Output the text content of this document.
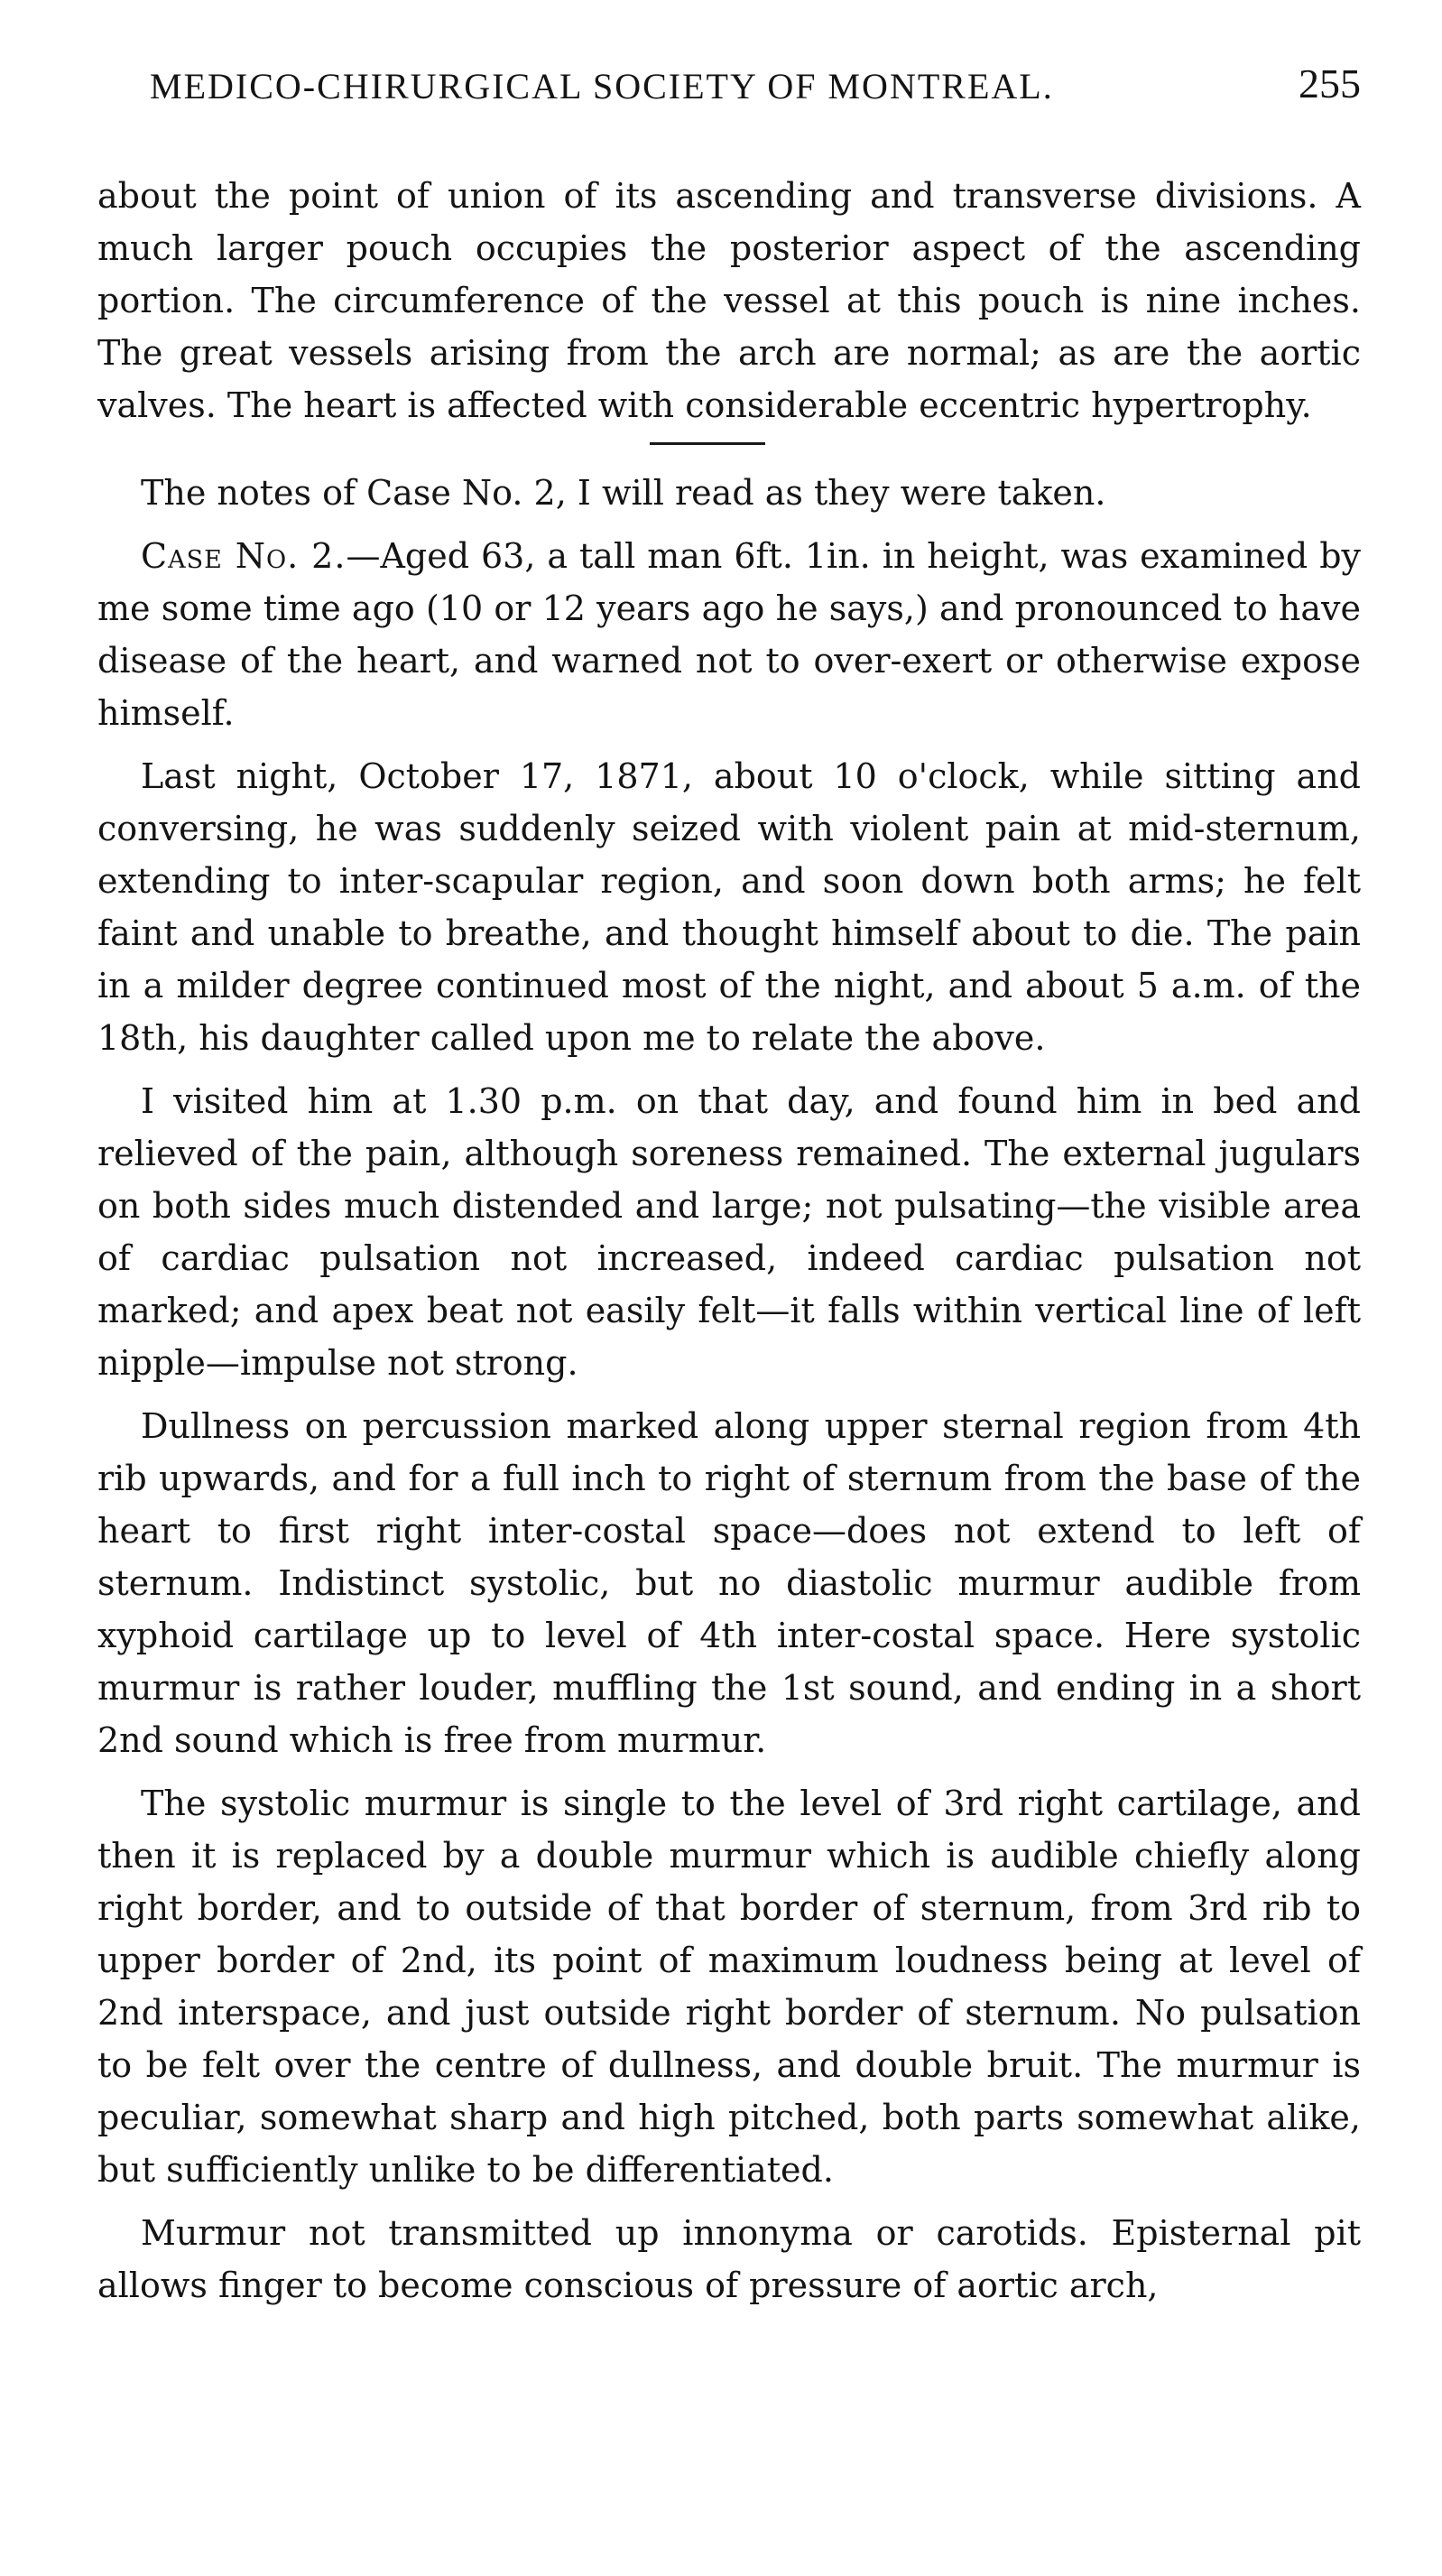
MEDICO-CHIRURGICAL SOCIETY OF MONTREAL.	255

about the point of union of its ascending and transverse divisions. A much larger pouch occupies the posterior aspect of the ascending portion. The circumference of the vessel at this pouch is nine inches. The great vessels arising from the arch are normal; as are the aortic valves. The heart is affected with considerable eccentric hypertrophy.

The notes of Case No. 2, I will read as they were taken.

Case No. 2.—Aged 63, a tall man 6ft. 1in. in height, was examined by me some time ago (10 or 12 years ago he says,) and pronounced to have disease of the heart, and warned not to over-exert or otherwise expose himself.

Last night, October 17, 1871, about 10 o'clock, while sitting and conversing, he was suddenly seized with violent pain at mid-sternum, extending to inter-scapular region, and soon down both arms; he felt faint and unable to breathe, and thought himself about to die. The pain in a milder degree continued most of the night, and about 5 a.m. of the 18th, his daughter called upon me to relate the above.

I visited him at 1.30 p.m. on that day, and found him in bed and relieved of the pain, although soreness remained. The external jugulars on both sides much distended and large; not pulsating—the visible area of cardiac pulsation not increased, indeed cardiac pulsation not marked; and apex beat not easily felt—it falls within vertical line of left nipple—impulse not strong.

Dullness on percussion marked along upper sternal region from 4th rib upwards, and for a full inch to right of sternum from the base of the heart to first right inter-costal space—does not extend to left of sternum. Indistinct systolic, but no diastolic murmur audible from xyphoid cartilage up to level of 4th inter-costal space. Here systolic murmur is rather louder, muffling the 1st sound, and ending in a short 2nd sound which is free from murmur.

The systolic murmur is single to the level of 3rd right cartilage, and then it is replaced by a double murmur which is audible chiefly along right border, and to outside of that border of sternum, from 3rd rib to upper border of 2nd, its point of maximum loudness being at level of 2nd interspace, and just outside right border of sternum. No pulsation to be felt over the centre of dullness, and double bruit. The murmur is peculiar, somewhat sharp and high pitched, both parts somewhat alike, but sufficiently unlike to be differentiated.

Murmur not transmitted up innonyma or carotids. Episternal pit allows finger to become conscious of pressure of aortic arch,
